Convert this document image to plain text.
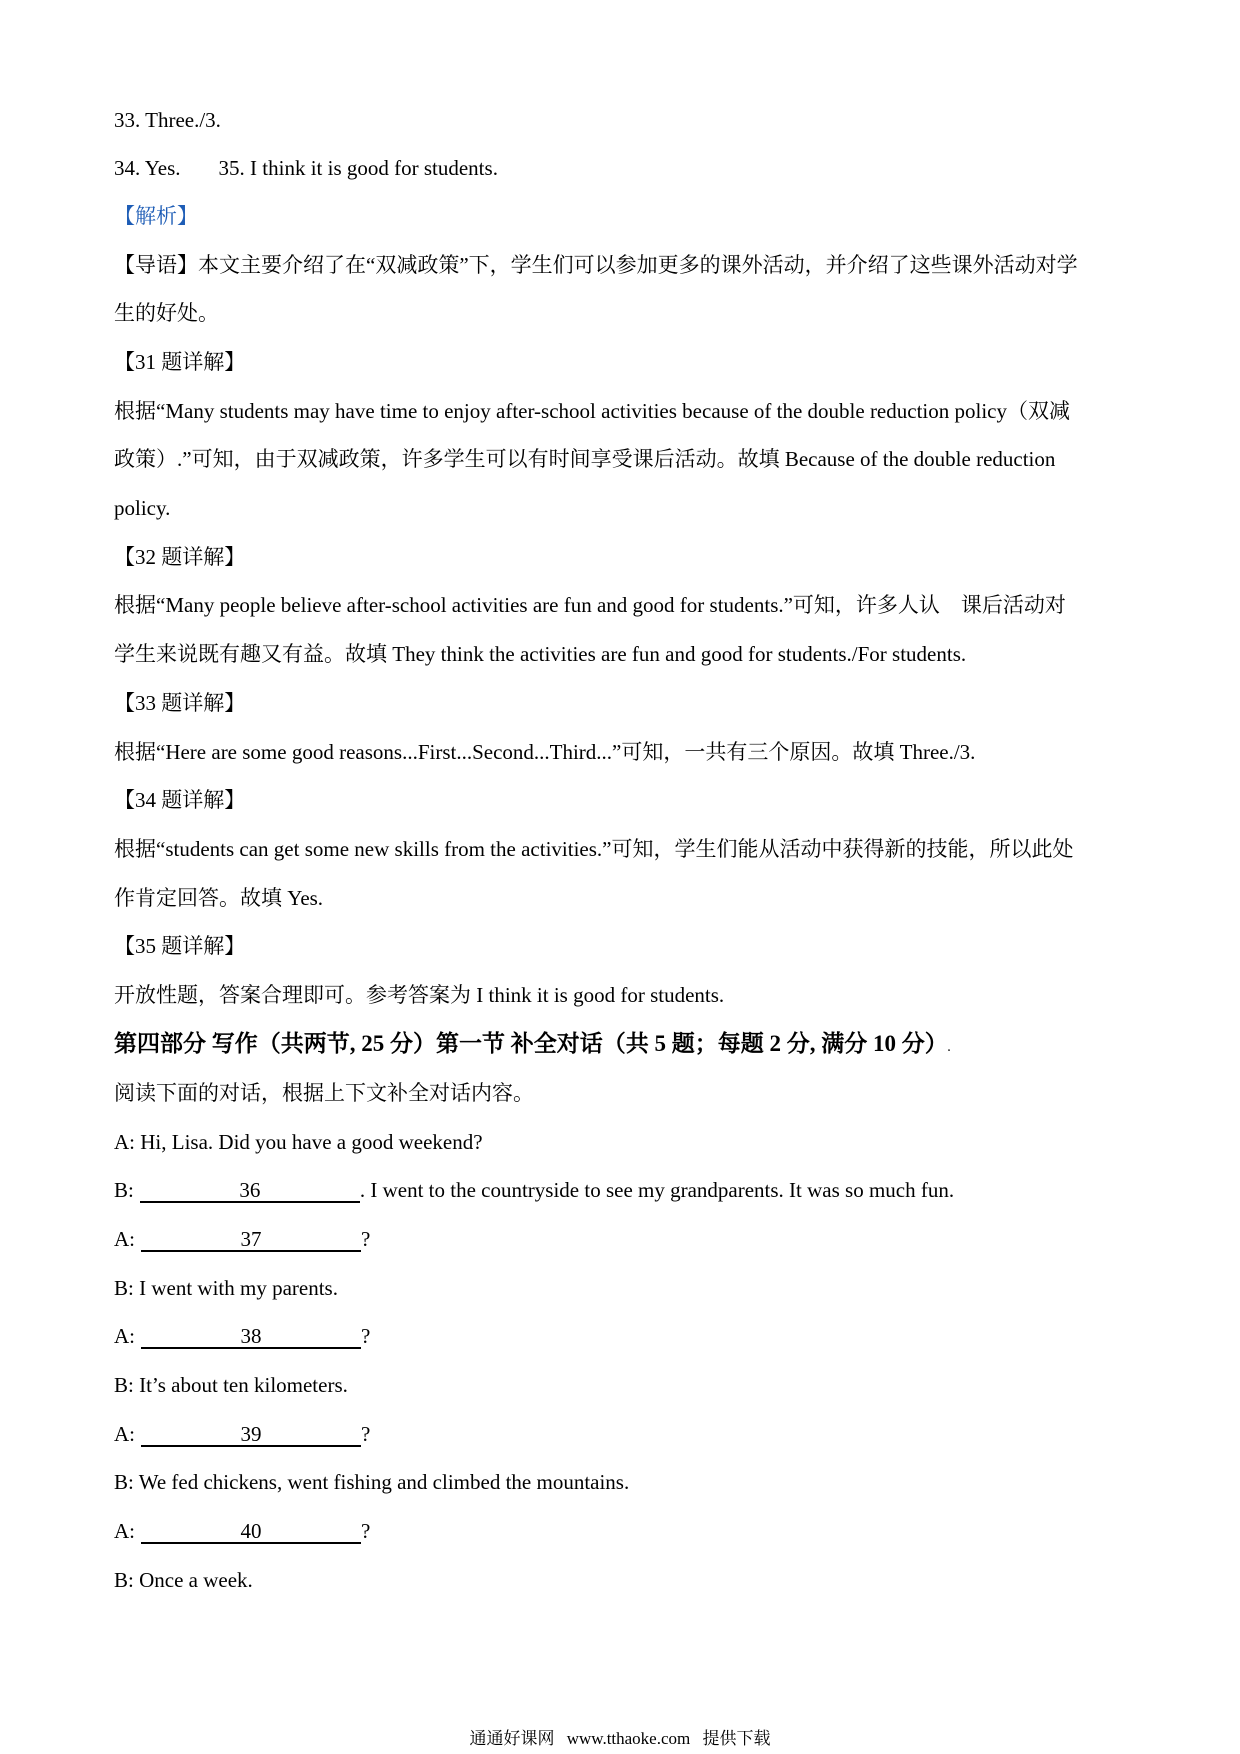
33. Three./3.
34. Yes. 35. I think it is good for students.
【解析】
【导语】本文主要介绍了在“双减政策”下，学生们可以参加更多的课外活动，并介绍了这些课外活动对学
生的好处。
【31 题详解】
根据“Many students may have time to enjoy after-school activities because of the double reduction policy（双减
政策）.”可知，由于双减政策，许多学生可以有时间享受课后活动。故填 Because of the double reduction
policy.
【32 题详解】
根据“Many people believe after-school activities are fun and good for students.”可知，许多人认　课后活动对
学生来说既有趣又有益。故填 They think the activities are fun and good for students./For students.
【33 题详解】
根据“Here are some good reasons...First...Second...Third...”可知，一共有三个原因。故填 Three./3.
【34 题详解】
根据“students can get some new skills from the activities.”可知，学生们能从活动中获得新的技能，所以此处
作肯定回答。故填 Yes.
【35 题详解】
开放性题，答案合理即可。参考答案为 I think it is good for students.
第四部分 写作（共两节, 25 分）第一节 补全对话（共 5 题；每题 2 分, 满分 10 分）.
阅读下面的对话，根据上下文补全对话内容。
A: Hi, Lisa. Did you have a good weekend?
B:	36	. I went to the countryside to see my grandparents. It was so much fun.
A:	37	?
B: I went with my parents.
A:	38	?
B: It’s about ten kilometers.
A:	39	?
B: We fed chickens, went fishing and climbed the mountains.
A:	40	?
B: Once a week.
通通好课网 www.tthaoke.com 提供下载
